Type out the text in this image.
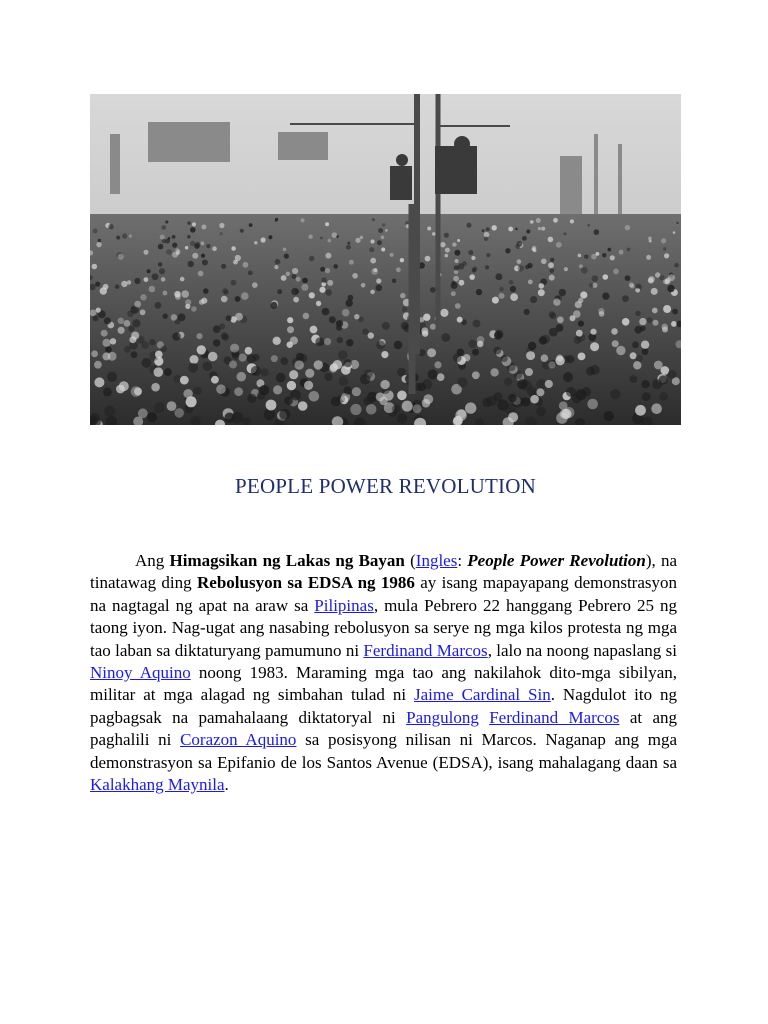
PEOPLE POWER REVOLUTION

Ang Himagsikan ng Lakas ng Bayan (Ingles: People Power Revolution), na tinatawag ding Rebolusyon sa EDSA ng 1986 ay isang mapayapang demonstrasyon na nagtagal ng apat na araw sa Pilipinas, mula Pebrero 22 hanggang Pebrero 25 ng taong iyon. Nag-ugat ang nasabing rebolusyon sa serye ng mga kilos protesta ng mga tao laban sa diktaturyang pamumuno ni Ferdinand Marcos, lalo na noong napaslang si Ninoy Aquino noong 1983. Maraming mga tao ang nakilahok dito-mga sibilyan, militar at mga alagad ng simbahan tulad ni Jaime Cardinal Sin. Nagdulot ito ng pagbagsak na pamahalaang diktatoryal ni Pangulong Ferdinand Marcos at ang paghalili ni Corazon Aquino sa posisyong nilisan ni Marcos. Naganap ang mga demonstrasyon sa Epifanio de los Santos Avenue (EDSA), isang mahalagang daan sa Kalakhang Maynila.
